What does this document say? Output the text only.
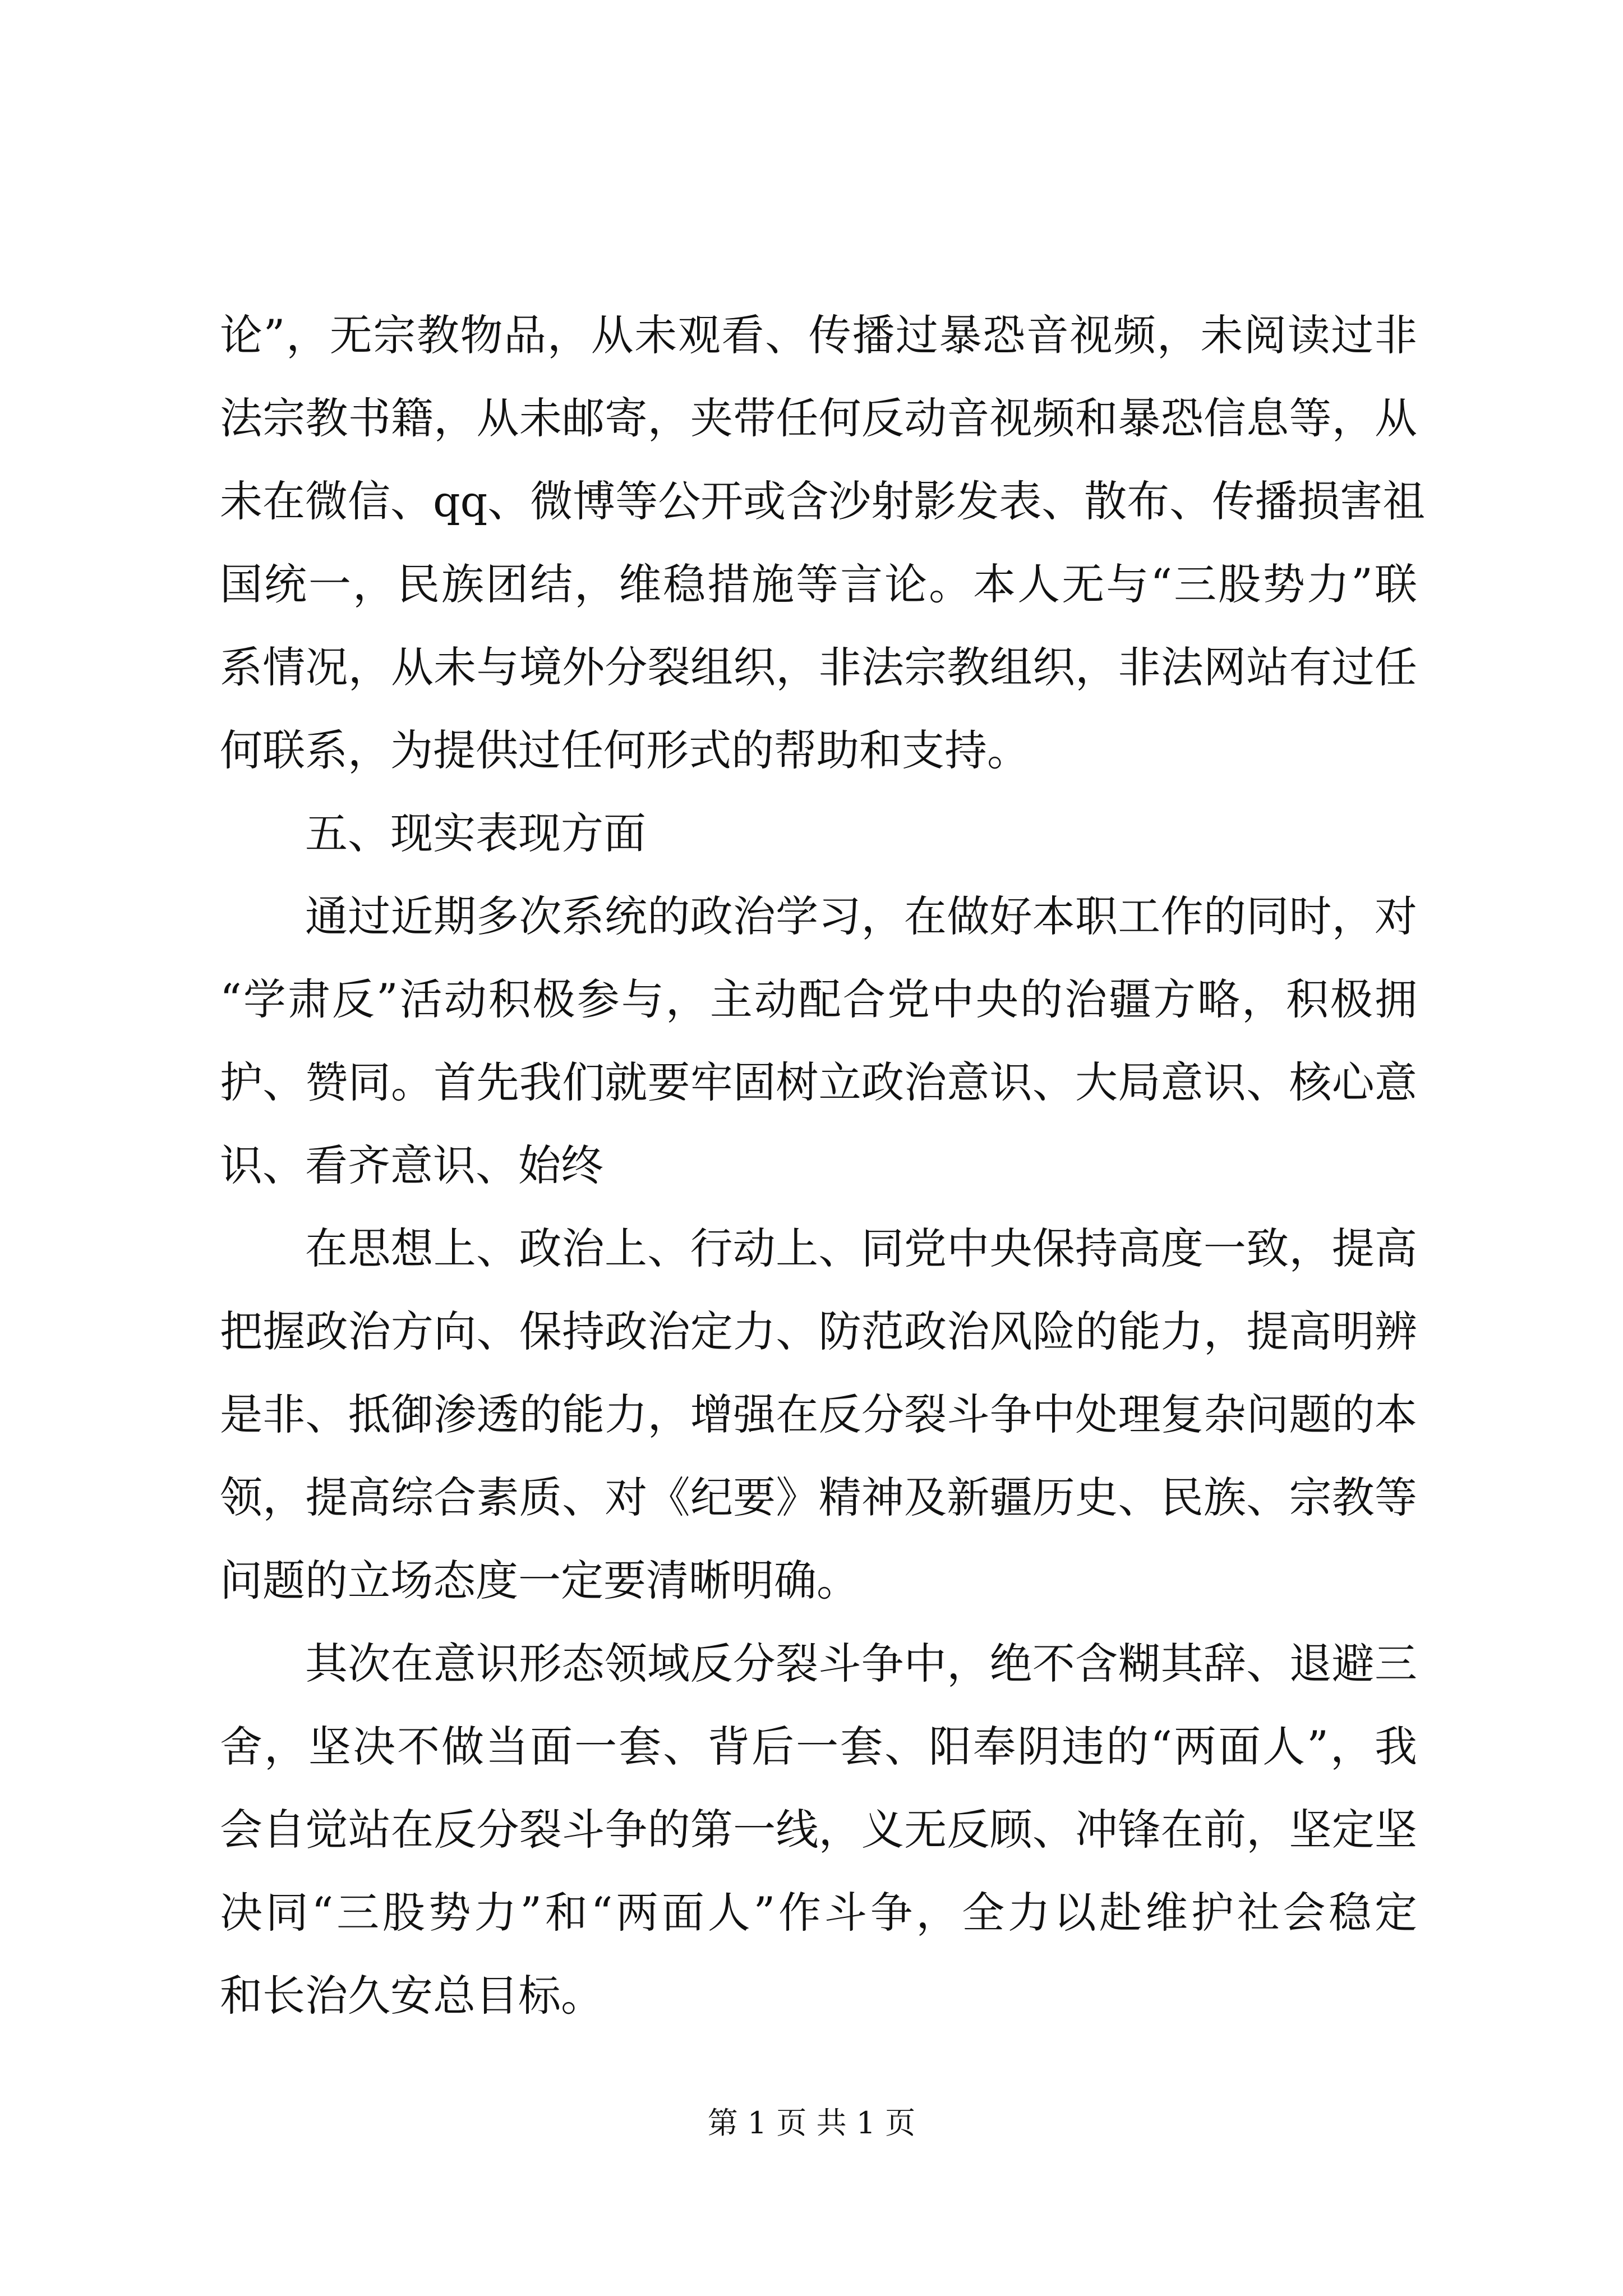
论”，无宗教物品，从未观看、传播过暴恐音视频，未阅读过非
法宗教书籍，从未邮寄，夹带任何反动音视频和暴恐信息等，从
未在微信、qq、微博等公开或含沙射影发表、散布、传播损害祖
国统一，民族团结，维稳措施等言论。本人无与“三股势力”联
系情况，从未与境外分裂组织，非法宗教组织，非法网站有过任
何联系，为提供过任何形式的帮助和支持。
五、现实表现方面
通过近期多次系统的政治学习，在做好本职工作的同时，对
“学肃反”活动积极参与，主动配合党中央的治疆方略，积极拥
护、赞同。首先我们就要牢固树立政治意识、大局意识、核心意
识、看齐意识、始终
在思想上、政治上、行动上、同党中央保持高度一致，提高
把握政治方向、保持政治定力、防范政治风险的能力，提高明辨
是非、抵御渗透的能力，增强在反分裂斗争中处理复杂问题的本
领，提高综合素质、对《纪要》精神及新疆历史、民族、宗教等
问题的立场态度一定要清晰明确。
其次在意识形态领域反分裂斗争中，绝不含糊其辞、退避三
舍，坚决不做当面一套、背后一套、阳奉阴违的“两面人”，我
会自觉站在反分裂斗争的第一线，义无反顾、冲锋在前，坚定坚
决同“三股势力”和“两面人”作斗争，全力以赴维护社会稳定
和长治久安总目标。
第 1 页 共 1 页
